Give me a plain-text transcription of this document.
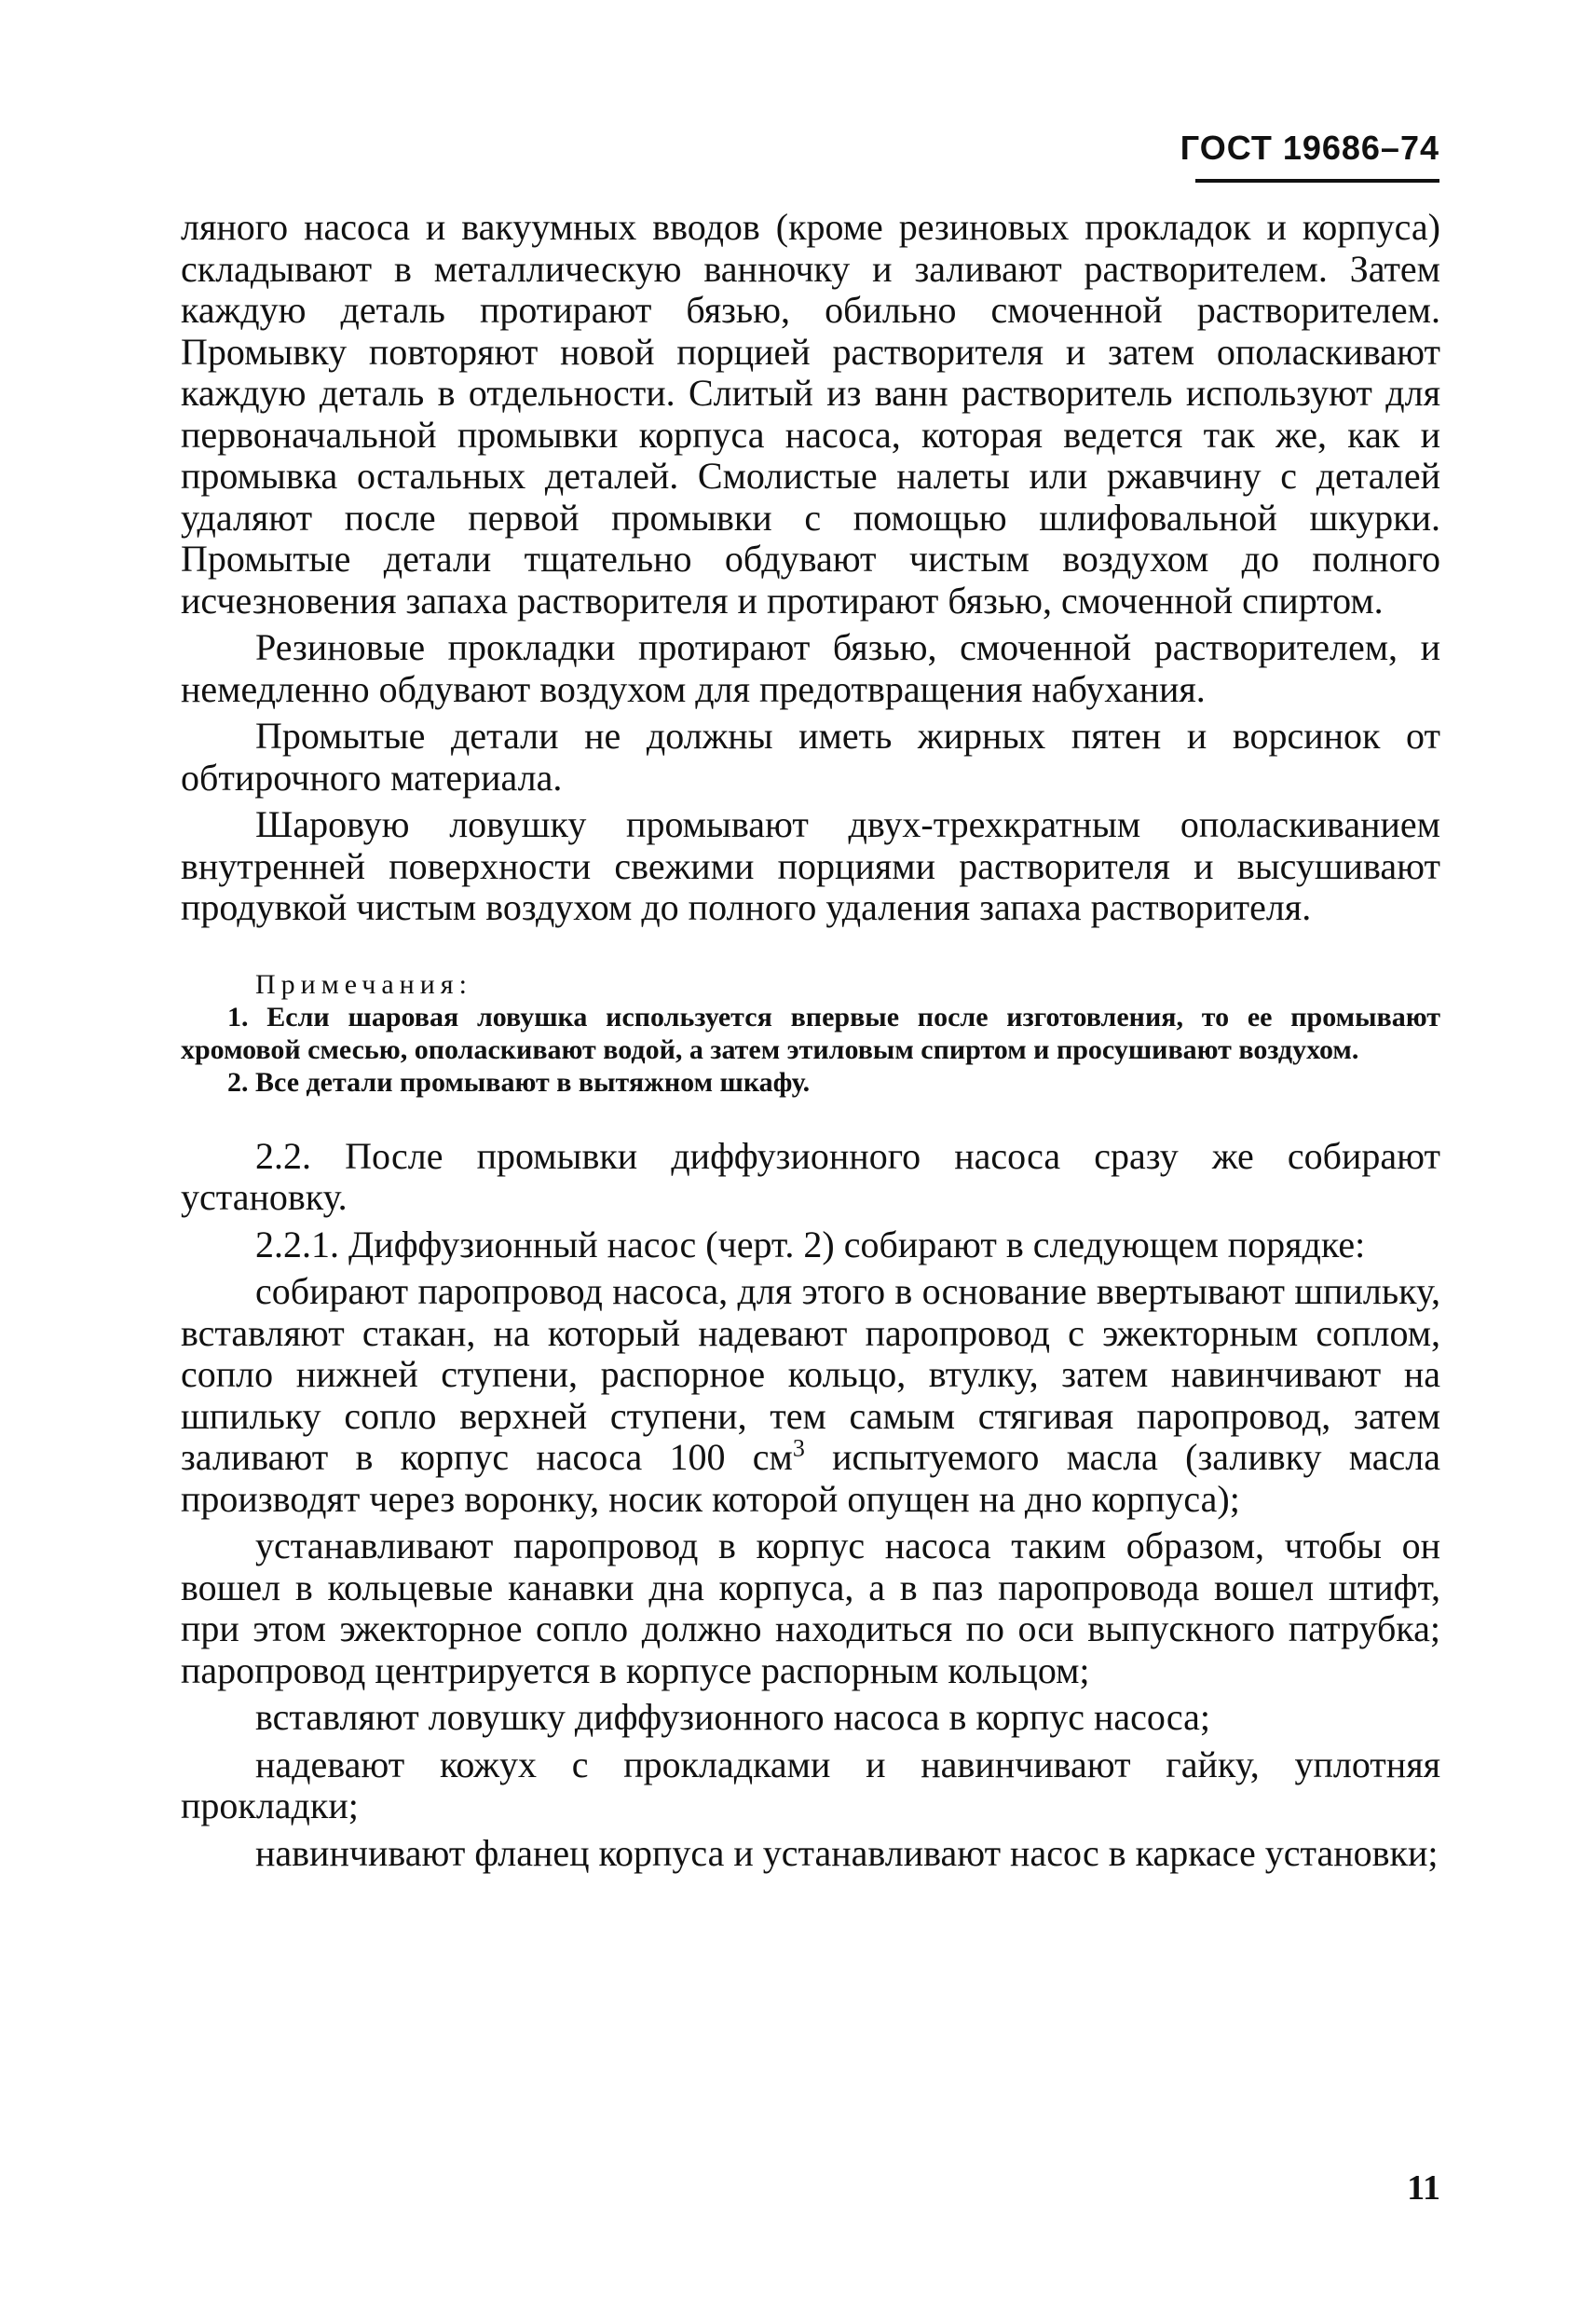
ГОСТ 19686–74

ляного насоса и вакуумных вводов (кроме резиновых прокладок и корпуса) складывают в металлическую ванночку и заливают растворителем. Затем каждую деталь протирают бязью, обильно смоченной растворителем. Промывку повторяют новой порцией растворителя и затем ополаскивают каждую деталь в отдельности. Слитый из ванн растворитель используют для первоначальной промывки корпуса насоса, которая ведется так же, как и промывка остальных деталей. Смолистые налеты или ржавчину с деталей удаляют после первой промывки с помощью шлифовальной шкурки. Промытые детали тщательно обдувают чистым воздухом до полного исчезновения запаха растворителя и протирают бязью, смоченной спиртом.

Резиновые прокладки протирают бязью, смоченной растворителем, и немедленно обдувают воздухом для предотвращения набухания.

Промытые детали не должны иметь жирных пятен и ворсинок от обтирочного материала.

Шаровую ловушку промывают двух-трехкратным ополаскиванием внутренней поверхности свежими порциями растворителя и высушивают продувкой чистым воздухом до полного удаления запаха растворителя.

Примечания:

1. Если шаровая ловушка используется впервые после изготовления, то ее промывают хромовой смесью, ополаскивают водой, а затем этиловым спиртом и просушивают воздухом.

2. Все детали промывают в вытяжном шкафу.

2.2. После промывки диффузионного насоса сразу же собирают установку.

2.2.1. Диффузионный насос (черт. 2) собирают в следующем порядке:

собирают паропровод насоса, для этого в основание ввертывают шпильку, вставляют стакан, на который надевают паропровод с эжекторным соплом, сопло нижней ступени, распорное кольцо, втулку, затем навинчивают на шпильку сопло верхней ступени, тем самым стягивая паропровод, затем заливают в корпус насоса 100 $см^3$ испытуемого масла (заливку масла производят через воронку, носик которой опущен на дно корпуса);

устанавливают паропровод в корпус насоса таким образом, чтобы он вошел в кольцевые канавки дна корпуса, а в паз паропровода вошел штифт, при этом эжекторное сопло должно находиться по оси выпускного патрубка; паропровод центрируется в корпусе распорным кольцом;

вставляют ловушку диффузионного насоса в корпус насоса;

надевают кожух с прокладками и навинчивают гайку, уплотняя прокладки;

навинчивают фланец корпуса и устанавливают насос в каркасе установки;

11
